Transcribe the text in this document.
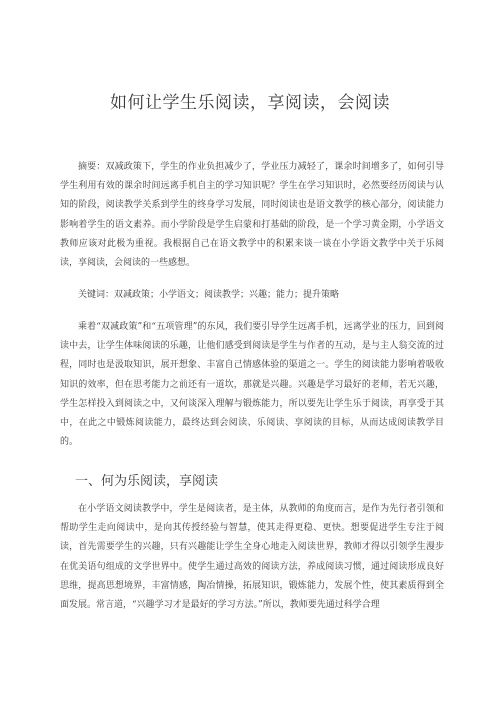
如何让学生乐阅读，享阅读，会阅读

摘要：双减政策下，学生的作业负担减少了，学业压力减轻了，课余时间增多了，如何引导学生利用有效的课余时间远离手机自主的学习知识呢？学生在学习知识时，必然要经历阅读与认知的阶段，阅读教学关系到学生的终身学习发展，同时阅读也是语文教学的核心部分，阅读能力影响着学生的语文素养。而小学阶段是学生启蒙和打基础的阶段，是一个学习黄金期，小学语文教师应该对此极为重视。我根据自己在语文教学中的积累来谈一谈在小学语文教学中关于乐阅读，享阅读，会阅读的一些感想。

关键词：双减政策；小学语文；阅读教学；兴趣；能力；提升策略

乘着“双减政策”和“五项管理”的东风，我们要引导学生远离手机，远离学业的压力，回到阅读中去，让学生体味阅读的乐趣，让他们感受到阅读是学生与作者的互动，是与主人翁交流的过程，同时也是汲取知识，展开想象、丰富自己情感体验的渠道之一。学生的阅读能力影响着吸收知识的效率，但在思考能力之前还有一道坎，那就是兴趣。兴趣是学习最好的老师，若无兴趣，学生怎样投入到阅读之中，又何谈深入理解与锻炼能力，所以要先让学生乐于阅读，再享受于其中，在此之中锻炼阅读能力，最终达到会阅读、乐阅读、享阅读的目标，从而达成阅读教学目的。

一、何为乐阅读，享阅读

在小学语文阅读教学中，学生是阅读者，是主体，从教师的角度而言，是作为先行者引领和帮助学生走向阅读中，是向其传授经验与智慧，使其走得更稳、更快。想要促进学生专注于阅读，首先需要学生的兴趣，只有兴趣能让学生全身心地走入阅读世界，教师才得以引领学生漫步在优美语句组成的文学世界中。使学生通过高效的阅读方法，养成阅读习惯，通过阅读形成良好思维，提高思想境界，丰富情感，陶冶情操，拓展知识，锻炼能力，发展个性，使其素质得到全面发展。常言道，“兴趣学习才是最好的学习方法。”所以，教师要先通过科学合理
